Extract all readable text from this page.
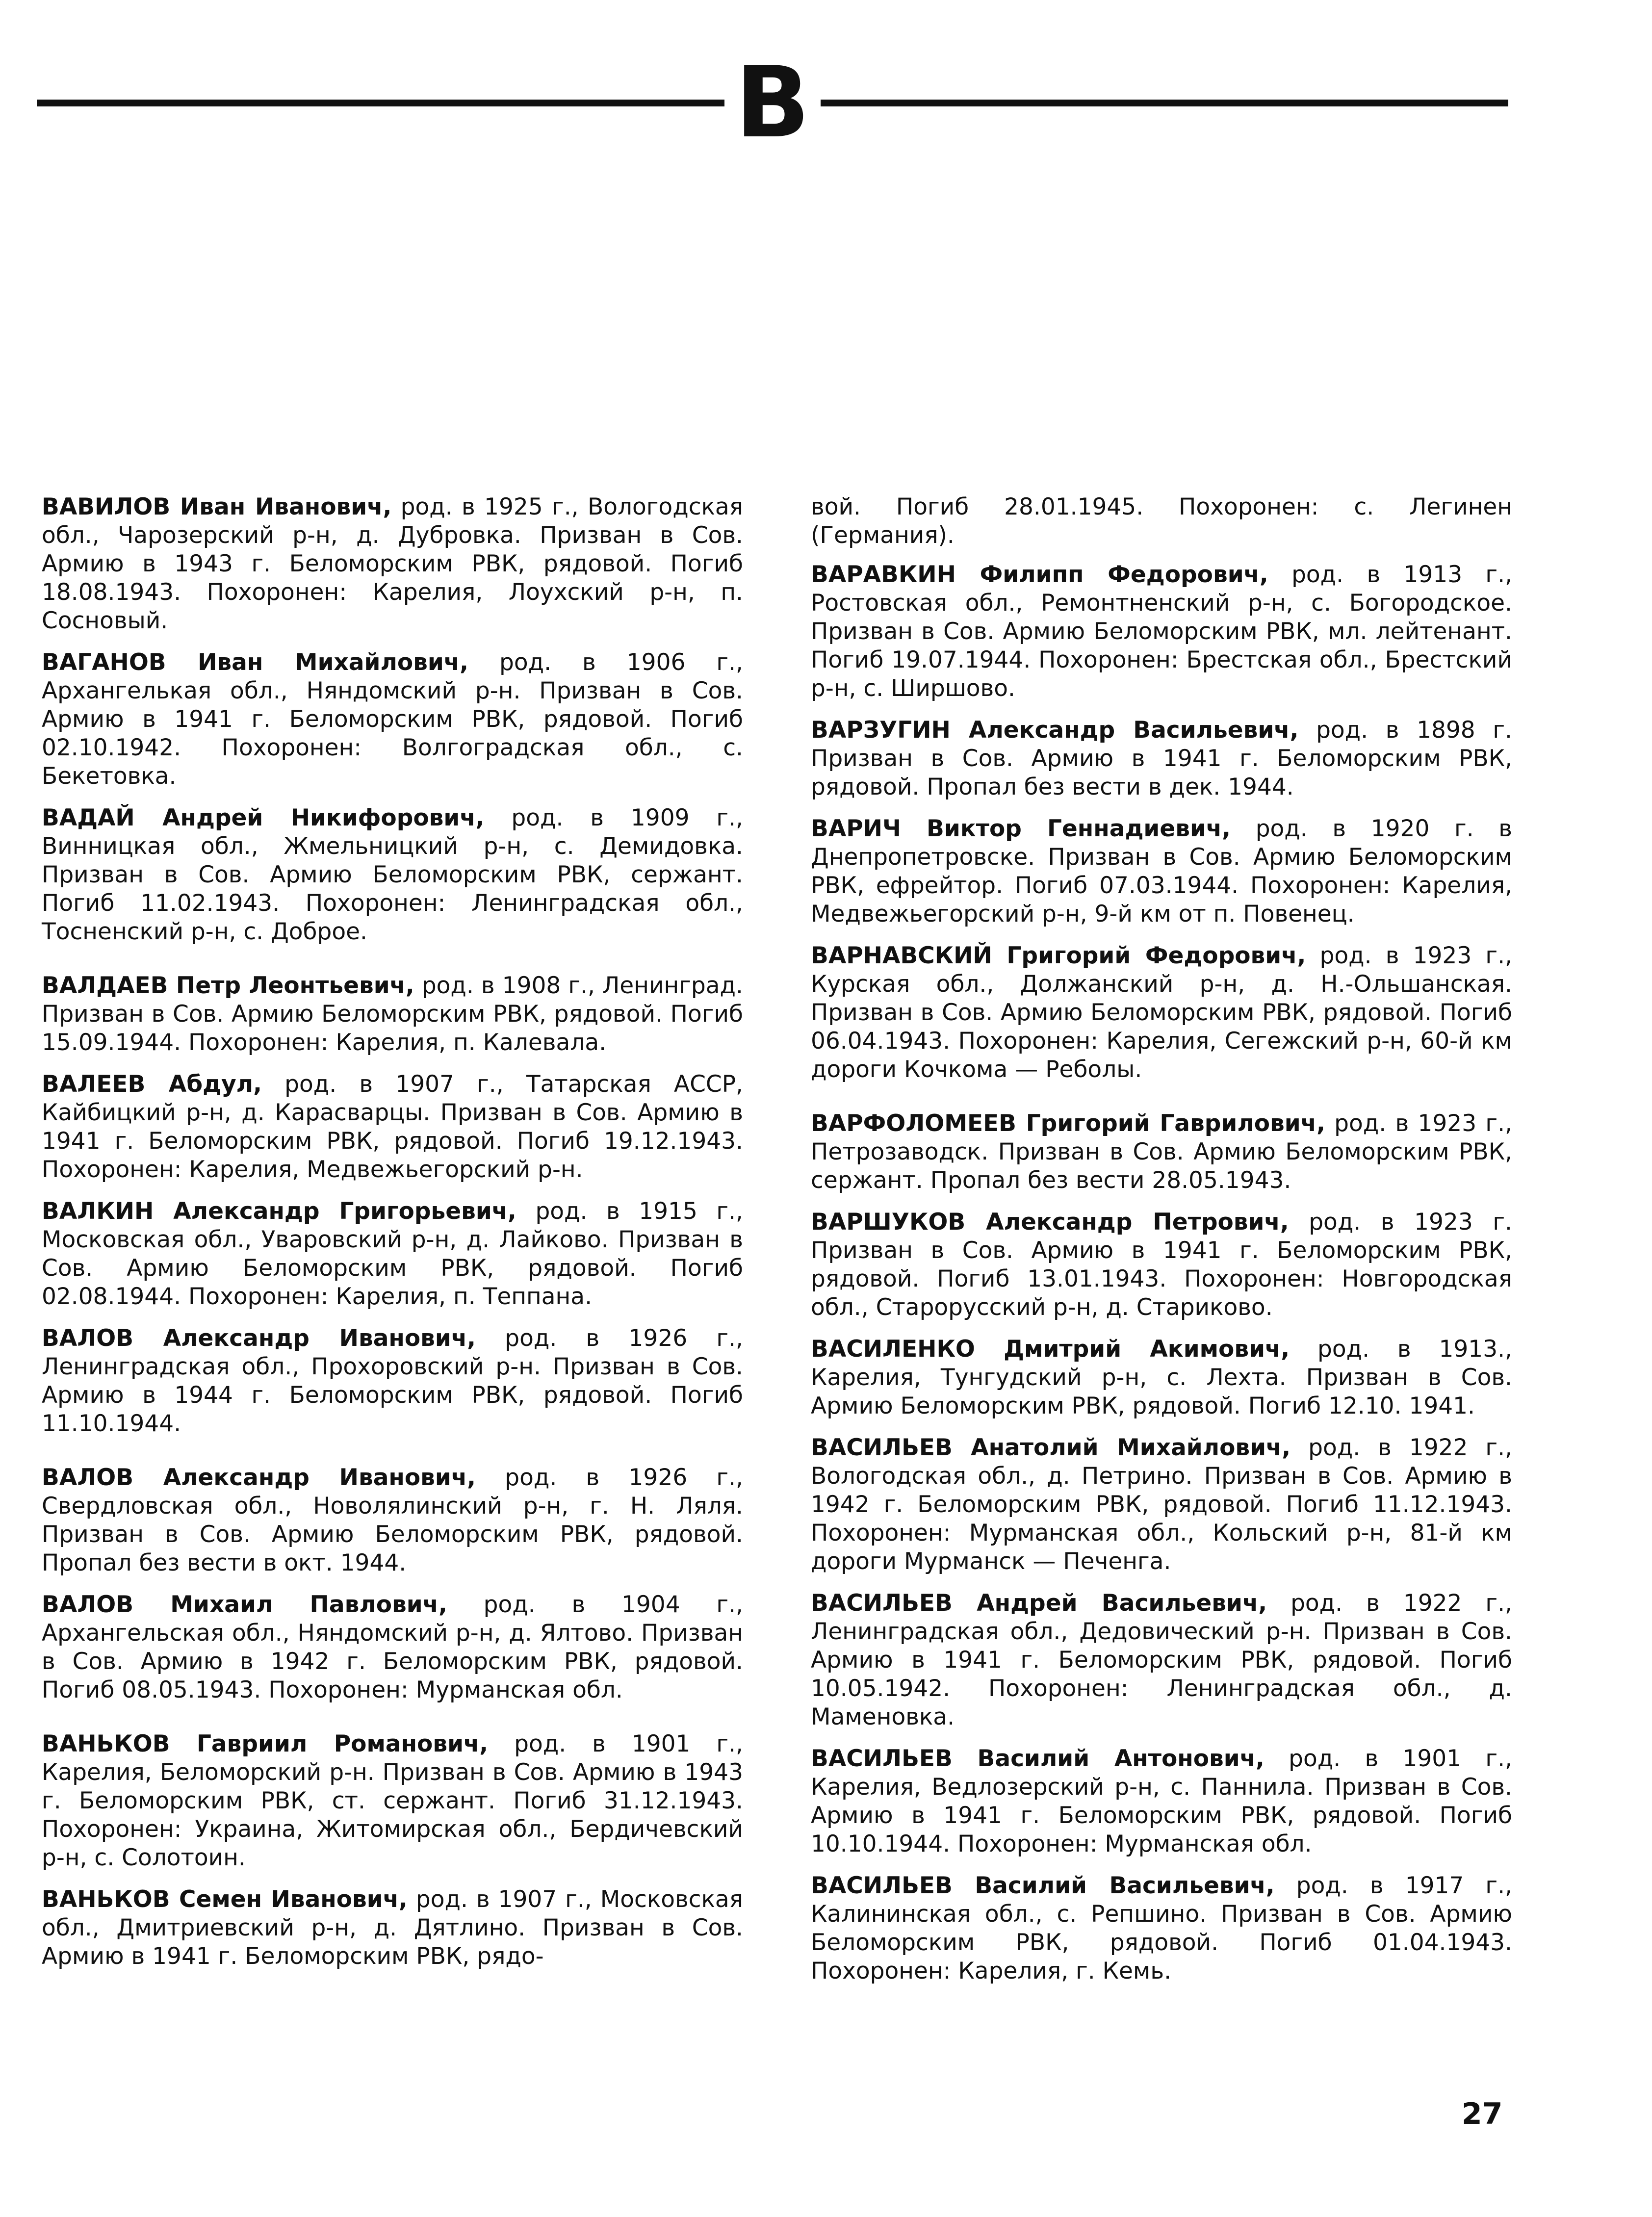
В

ВАВИЛОВ Иван Иванович, род. в 1925 г., Вологодская обл., Чарозерский р-н, д. Дубровка. Призван в Сов. Армию в 1943 г. Беломорским РВК, рядовой. Погиб 18.08.1943. Похоронен: Карелия, Лоухский р-н, п. Сосновый.

ВАГАНОВ Иван Михайлович, род. в 1906 г., Архангелькая обл., Няндомский р-н. Призван в Сов. Армию в 1941 г. Беломорским РВК, рядовой. Погиб 02.10.1942. Похоронен: Волгоградская обл., с. Бекетовка.

ВАДАЙ Андрей Никифорович, род. в 1909 г., Винницкая обл., Жмельницкий р-н, с. Демидовка. Призван в Сов. Армию Беломорским РВК, сержант. Погиб 11.02.1943. Похоронен: Ленинградская обл., Тосненский р-н, с. Доброе.

ВАЛДАЕВ Петр Леонтьевич, род. в 1908 г., Ленинград. Призван в Сов. Армию Беломорским РВК, рядовой. Погиб 15.09.1944. Похоронен: Карелия, п. Калевала.

ВАЛЕЕВ Абдул, род. в 1907 г., Татарская АССР, Кайбицкий р-н, д. Карасварцы. Призван в Сов. Армию в 1941 г. Беломорским РВК, рядовой. Погиб 19.12.1943. Похоронен: Карелия, Медвежьегорский р-н.

ВАЛКИН Александр Григорьевич, род. в 1915 г., Московская обл., Уваровский р-н, д. Лайково. Призван в Сов. Армию Беломорским РВК, рядовой. Погиб 02.08.1944. Похоронен: Карелия, п. Теппана.

ВАЛОВ Александр Иванович, род. в 1926 г., Ленинградская обл., Прохоровский р-н. Призван в Сов. Армию в 1944 г. Беломорским РВК, рядовой. Погиб 11.10.1944.

ВАЛОВ Александр Иванович, род. в 1926 г., Свердловская обл., Новолялинский р-н, г. Н. Ляля. Призван в Сов. Армию Беломорским РВК, рядовой. Пропал без вести в окт. 1944.

ВАЛОВ Михаил Павлович, род. в 1904 г., Архангельская обл., Няндомский р-н, д. Ялтово. Призван в Сов. Армию в 1942 г. Беломорским РВК, рядовой. Погиб 08.05.1943. Похоронен: Мурманская обл.

ВАНЬКОВ Гавриил Романович, род. в 1901 г., Карелия, Беломорский р-н. Призван в Сов. Армию в 1943 г. Беломорским РВК, ст. сержант. Погиб 31.12.1943. Похоронен: Украина, Житомирская обл., Бердичевский р-н, с. Солотоин.

ВАНЬКОВ Семен Иванович, род. в 1907 г., Московская обл., Дмитриевский р-н, д. Дятлино. Призван в Сов. Армию в 1941 г. Беломорским РВК, рядо-

вой. Погиб 28.01.1945. Похоронен: с. Легинен (Германия).

ВАРАВКИН Филипп Федорович, род. в 1913 г., Ростовская обл., Ремонтненский р-н, с. Богородское. Призван в Сов. Армию Беломорским РВК, мл. лейтенант. Погиб 19.07.1944. Похоронен: Брестская обл., Брестский р-н, с. Ширшово.

ВАРЗУГИН Александр Васильевич, род. в 1898 г. Призван в Сов. Армию в 1941 г. Беломорским РВК, рядовой. Пропал без вести в дек. 1944.

ВАРИЧ Виктор Геннадиевич, род. в 1920 г. в Днепропетровске. Призван в Сов. Армию Беломорским РВК, ефрейтор. Погиб 07.03.1944. Похоронен: Карелия, Медвежьегорский р-н, 9-й км от п. Повенец.

ВАРНАВСКИЙ Григорий Федорович, род. в 1923 г., Курская обл., Должанский р-н, д. Н.-Ольшанская. Призван в Сов. Армию Беломорским РВК, рядовой. Погиб 06.04.1943. Похоронен: Карелия, Сегежский р-н, 60-й км дороги Кочкома — Реболы.

ВАРФОЛОМЕЕВ Григорий Гаврилович, род. в 1923 г., Петрозаводск. Призван в Сов. Армию Беломорским РВК, сержант. Пропал без вести 28.05.1943.

ВАРШУКОВ Александр Петрович, род. в 1923 г. Призван в Сов. Армию в 1941 г. Беломорским РВК, рядовой. Погиб 13.01.1943. Похоронен: Новгородская обл., Старорусский р-н, д. Стариково.

ВАСИЛЕНКО Дмитрий Акимович, род. в 1913., Карелия, Тунгудский р-н, с. Лехта. Призван в Сов. Армию Беломорским РВК, рядовой. Погиб 12.10. 1941.

ВАСИЛЬЕВ Анатолий Михайлович, род. в 1922 г., Вологодская обл., д. Петрино. Призван в Сов. Армию в 1942 г. Беломорским РВК, рядовой. Погиб 11.12.1943. Похоронен: Мурманская обл., Кольский р-н, 81-й км дороги Мурманск — Печенга.

ВАСИЛЬЕВ Андрей Васильевич, род. в 1922 г., Ленинградская обл., Дедовический р-н. Призван в Сов. Армию в 1941 г. Беломорским РВК, рядовой. Погиб 10.05.1942. Похоронен: Ленинградская обл., д. Маменовка.

ВАСИЛЬЕВ Василий Антонович, род. в 1901 г., Карелия, Ведлозерский р-н, с. Паннила. Призван в Сов. Армию в 1941 г. Беломорским РВК, рядовой. Погиб 10.10.1944. Похоронен: Мурманская обл.

ВАСИЛЬЕВ Василий Васильевич, род. в 1917 г., Калининская обл., с. Репшино. Призван в Сов. Армию Беломорским РВК, рядовой. Погиб 01.04.1943. Похоронен: Карелия, г. Кемь.

27
